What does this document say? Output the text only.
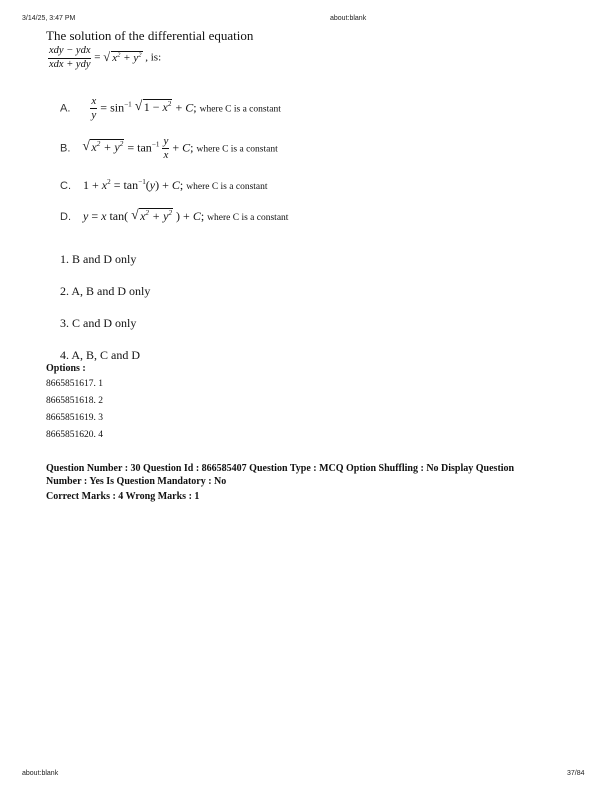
3/14/25, 3:47 PM	about:blank
The solution of the differential equation
$\frac{\text{xdy − ydx}}{\text{xdx + ydy}}$ = √ $x^2 + y^2$ , is:
A. $\frac{x}{y} = \sin^{-1}$ √ $1 - x^2 + C$; where C is a constant
B. √ $x^2 + y^2 = \tan^{-1} \frac{y}{x} + C$; where C is a constant
C.  $1 + x^2 = \tan^{-1}(y) + C$; where C is a constant
D. y = x tan( √ $x^2 + y^2$ ) + C; where C is a constant
1. B and D only
2. A, B and D only
3. C and D only
4. A, B, C and D
Options :
8665851617. 1
8665851618. 2
8665851619. 3
8665851620. 4
Question Number : 30 Question Id : 866585407 Question Type : MCQ Option Shuffling : No Display Question
Number : Yes Is Question Mandatory : No
Correct Marks : 4 Wrong Marks : 1
about:blank	37/84
